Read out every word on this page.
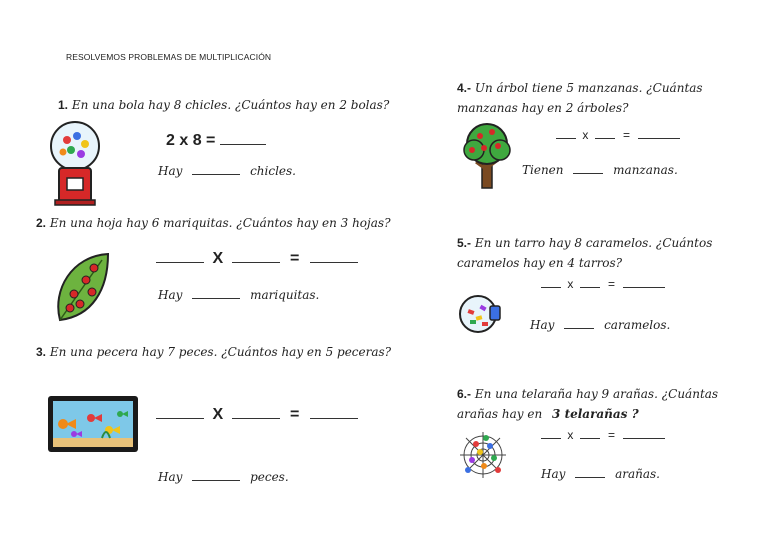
RESOLVEMOS PROBLEMAS DE MULTIPLICACIÓN
1. En una bola hay 8 chicles. ¿Cuántos hay en 2 bolas?
2 x 8 =
Hay	chicles.
2. En una hoja hay 6 mariquitas. ¿Cuántos hay en 3 hojas?
X	=
Hay	mariquitas.
3. En una pecera hay 7 peces. ¿Cuántos hay en 5 peceras?
X	=
Hay	peces.
4.- Un árbol tiene 5 manzanas. ¿Cuántas
manzanas hay en 2 árboles?
x	=
Tienen	manzanas.
5.- En un tarro hay 8 caramelos. ¿Cuántos
caramelos hay en 4 tarros?
x	=
Hay	caramelos.
6.- En una telaraña hay 9 arañas. ¿Cuántas
arañas hay en 3 telarañas ?
x	=
Hay	arañas.
